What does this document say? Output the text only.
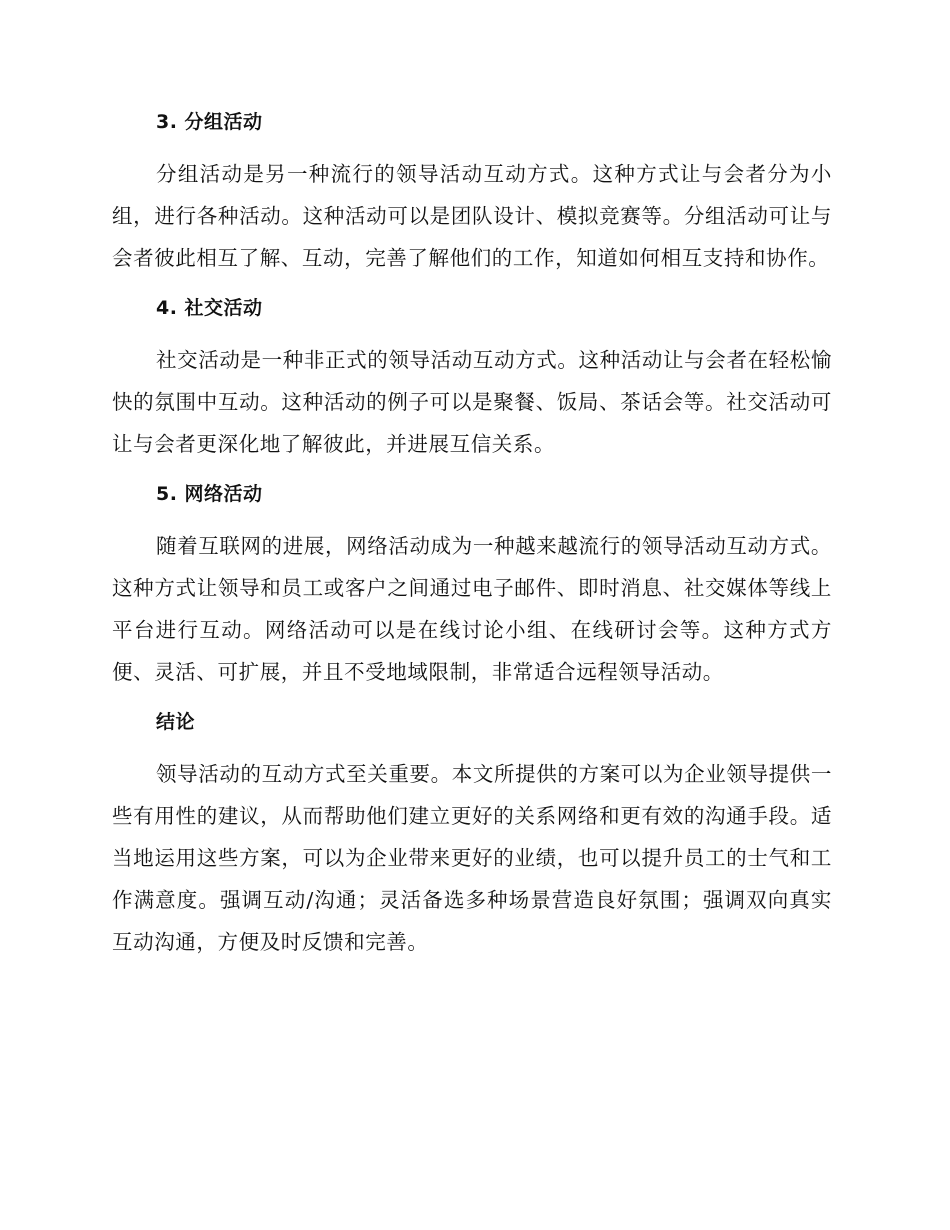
3. 分组活动

分组活动是另一种流行的领导活动互动方式。这种方式让与会者分为小组，进行各种活动。这种活动可以是团队设计、模拟竞赛等。分组活动可让与会者彼此相互了解、互动，完善了解他们的工作，知道如何相互支持和协作。

4. 社交活动

社交活动是一种非正式的领导活动互动方式。这种活动让与会者在轻松愉快的氛围中互动。这种活动的例子可以是聚餐、饭局、茶话会等。社交活动可让与会者更深化地了解彼此，并进展互信关系。

5. 网络活动

随着互联网的进展，网络活动成为一种越来越流行的领导活动互动方式。这种方式让领导和员工或客户之间通过电子邮件、即时消息、社交媒体等线上平台进行互动。网络活动可以是在线讨论小组、在线研讨会等。这种方式方便、灵活、可扩展，并且不受地域限制，非常适合远程领导活动。

结论

领导活动的互动方式至关重要。本文所提供的方案可以为企业领导提供一些有用性的建议，从而帮助他们建立更好的关系网络和更有效的沟通手段。适当地运用这些方案，可以为企业带来更好的业绩，也可以提升员工的士气和工作满意度。强调互动/沟通；灵活备选多种场景营造良好氛围；强调双向真实互动沟通，方便及时反馈和完善。
